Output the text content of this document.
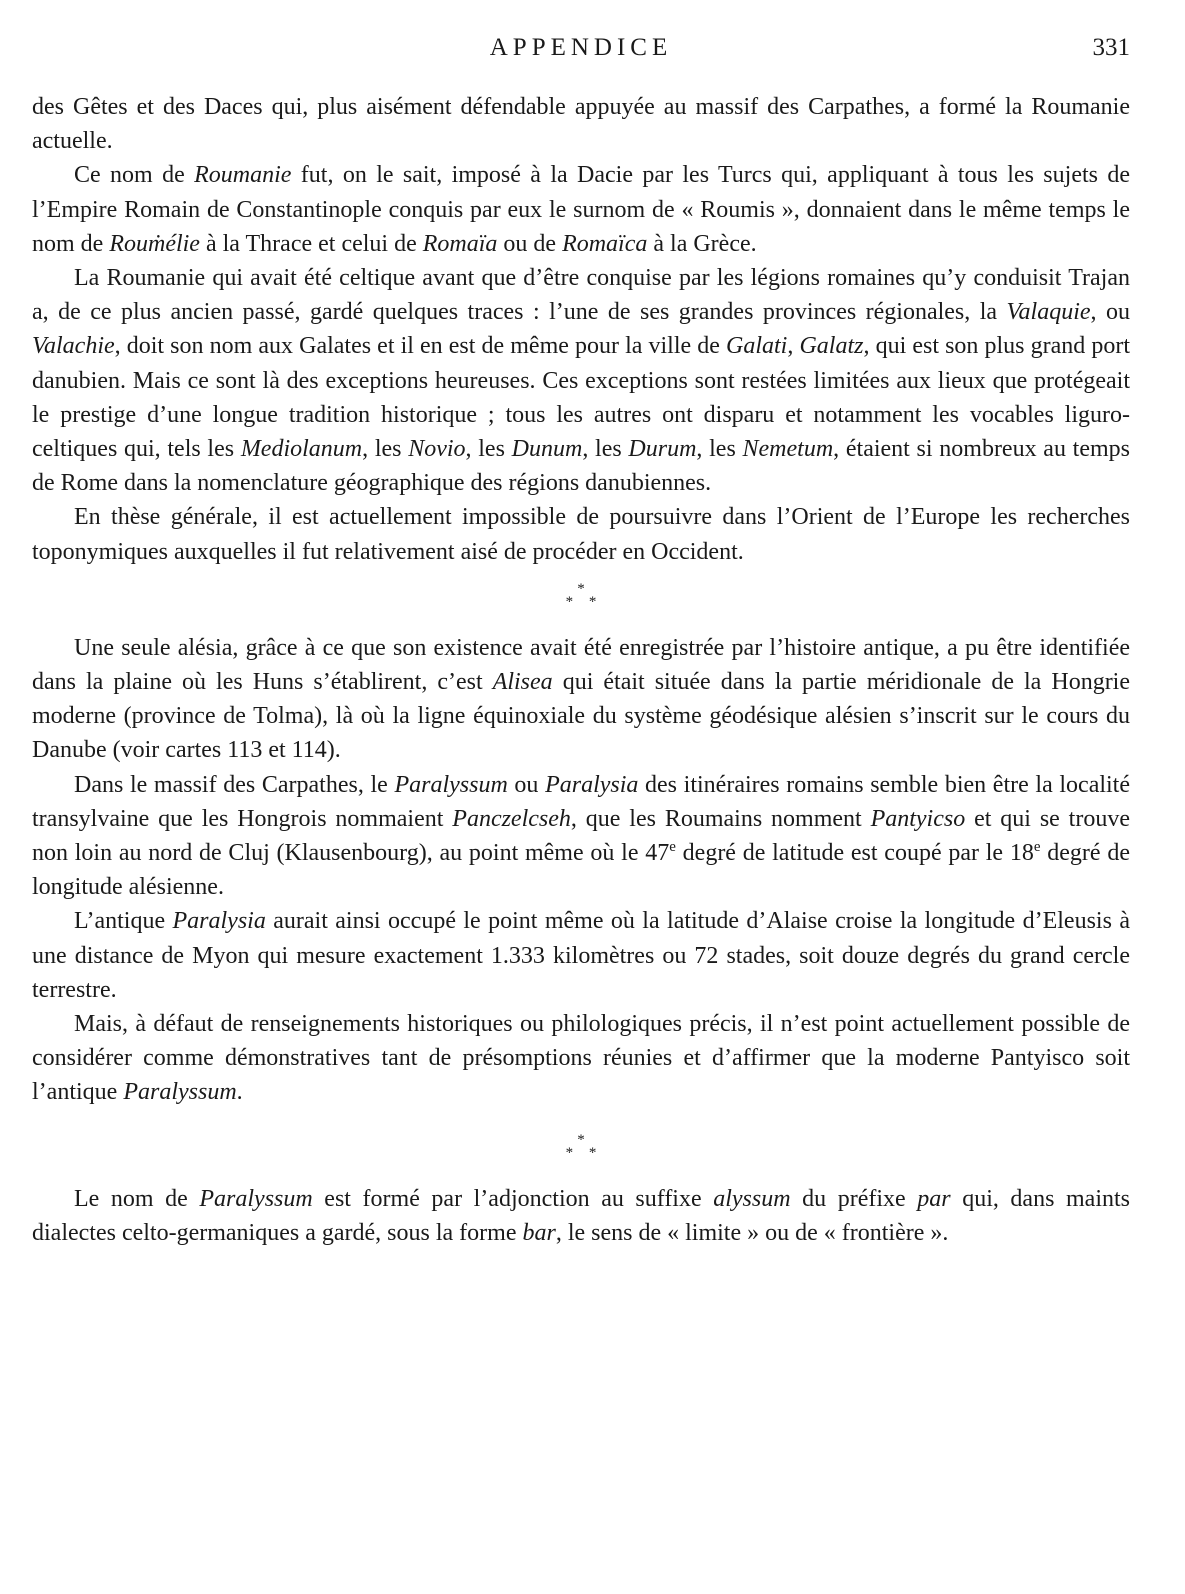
APPENDICE	331

des Gêtes et des Daces qui, plus aisément défendable appuyée au massif des Carpathes, a formé la Roumanie actuelle.

Ce nom de Roumanie fut, on le sait, imposé à la Dacie par les Turcs qui, appliquant à tous les sujets de l’Empire Romain de Constantinople conquis par eux le surnom de « Roumis », donnaient dans le même temps le nom de Rouṁélie à la Thrace et celui de Romaïa ou de Romaïca à la Grèce.

La Roumanie qui avait été celtique avant que d’être conquise par les légions romaines qu’y conduisit Trajan a, de ce plus ancien passé, gardé quelques traces : l’une de ses grandes provinces régionales, la Valaquie, ou Valachie, doit son nom aux Galates et il en est de même pour la ville de Galati, Galatz, qui est son plus grand port danubien. Mais ce sont là des exceptions heureuses. Ces exceptions sont restées limitées aux lieux que protégeait le prestige d’une longue tradition historique ; tous les autres ont disparu et notamment les vocables liguro-celtiques qui, tels les Mediolanum, les Novio, les Dunum, les Durum, les Nemetum, étaient si nombreux au temps de Rome dans la nomenclature géographique des régions danubiennes.

En thèse générale, il est actuellement impossible de poursuivre dans l’Orient de l’Europe les recherches toponymiques auxquelles il fut relativement aisé de procéder en Occident.

*
* *

Une seule alésia, grâce à ce que son existence avait été enregistrée par l’histoire antique, a pu être identifiée dans la plaine où les Huns s’établirent, c’est Alisea qui était située dans la partie méridionale de la Hongrie moderne (province de Tolma), là où la ligne équinoxiale du système géodésique alésien s’inscrit sur le cours du Danube (voir cartes 113 et 114).

Dans le massif des Carpathes, le Paralyssum ou Paralysia des itinéraires romains semble bien être la localité transylvaine que les Hongrois nommaient Panczelcseh, que les Roumains nomment Pantyicso et qui se trouve non loin au nord de Cluj (Klausenbourg), au point même où le 47e degré de latitude est coupé par le 18e degré de longitude alésienne.

L’antique Paralysia aurait ainsi occupé le point même où la latitude d’Alaise croise la longitude d’Eleusis à une distance de Myon qui mesure exactement 1.333 kilomètres ou 72 stades, soit douze degrés du grand cercle terrestre.

Mais, à défaut de renseignements historiques ou philologiques précis, il n’est point actuellement possible de considérer comme démonstratives tant de présomptions réunies et d’affirmer que la moderne Pantyisco soit l’antique Paralyssum.

*
* *

Le nom de Paralyssum est formé par l’adjonction au suffixe alyssum du préfixe par qui, dans maints dialectes celto-germaniques a gardé, sous la forme bar, le sens de « limite » ou de « frontière ».
